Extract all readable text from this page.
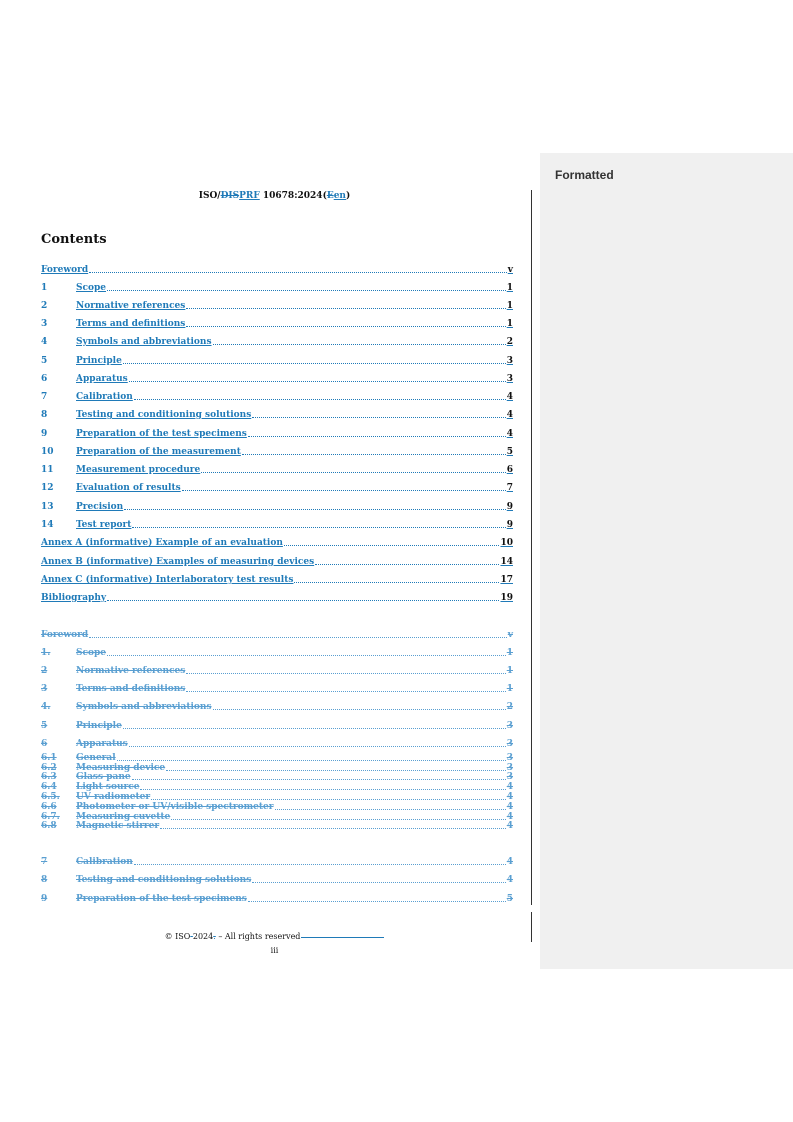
Formatted
ISO/DISPRF 10678:2024(Een)
Contents
Foreword	v
1	Scope	1
2	Normative references	1
3	Terms and definitions	1
4	Symbols and abbreviations	2
5	Principle	3
6	Apparatus	3
7	Calibration	4
8	Testing and conditioning solutions	4
9	Preparation of the test specimens	4
10	Preparation of the measurement	5
11	Measurement procedure	6
12	Evaluation of results	7
13	Precision	9
14	Test report	9
Annex A (informative) Example of an evaluation	10
Annex B (informative) Examples of measuring devices	14
Annex C (informative) Interlaboratory test results	17
Bibliography	19
Foreword	v
1.	Scope	1
2	Normative references	1
3	Terms and definitions	1
4.	Symbols and abbreviations	2
5	Principle	3
6	Apparatus	3
6.1	General	3
6.2	Measuring device	3
6.3	Glass pane	3
6.4	Light source	4
6.5.	UV radiometer	4
6.6	Photometer or UV/visible spectrometer	4
6.7.	Measuring cuvette	4
6.8	Magnetic stirrer	4
7	Calibration	4
8	Testing and conditioning solutions	4
9	Preparation of the test specimens	5
© ISO 2024. – All rights reserved
iii
